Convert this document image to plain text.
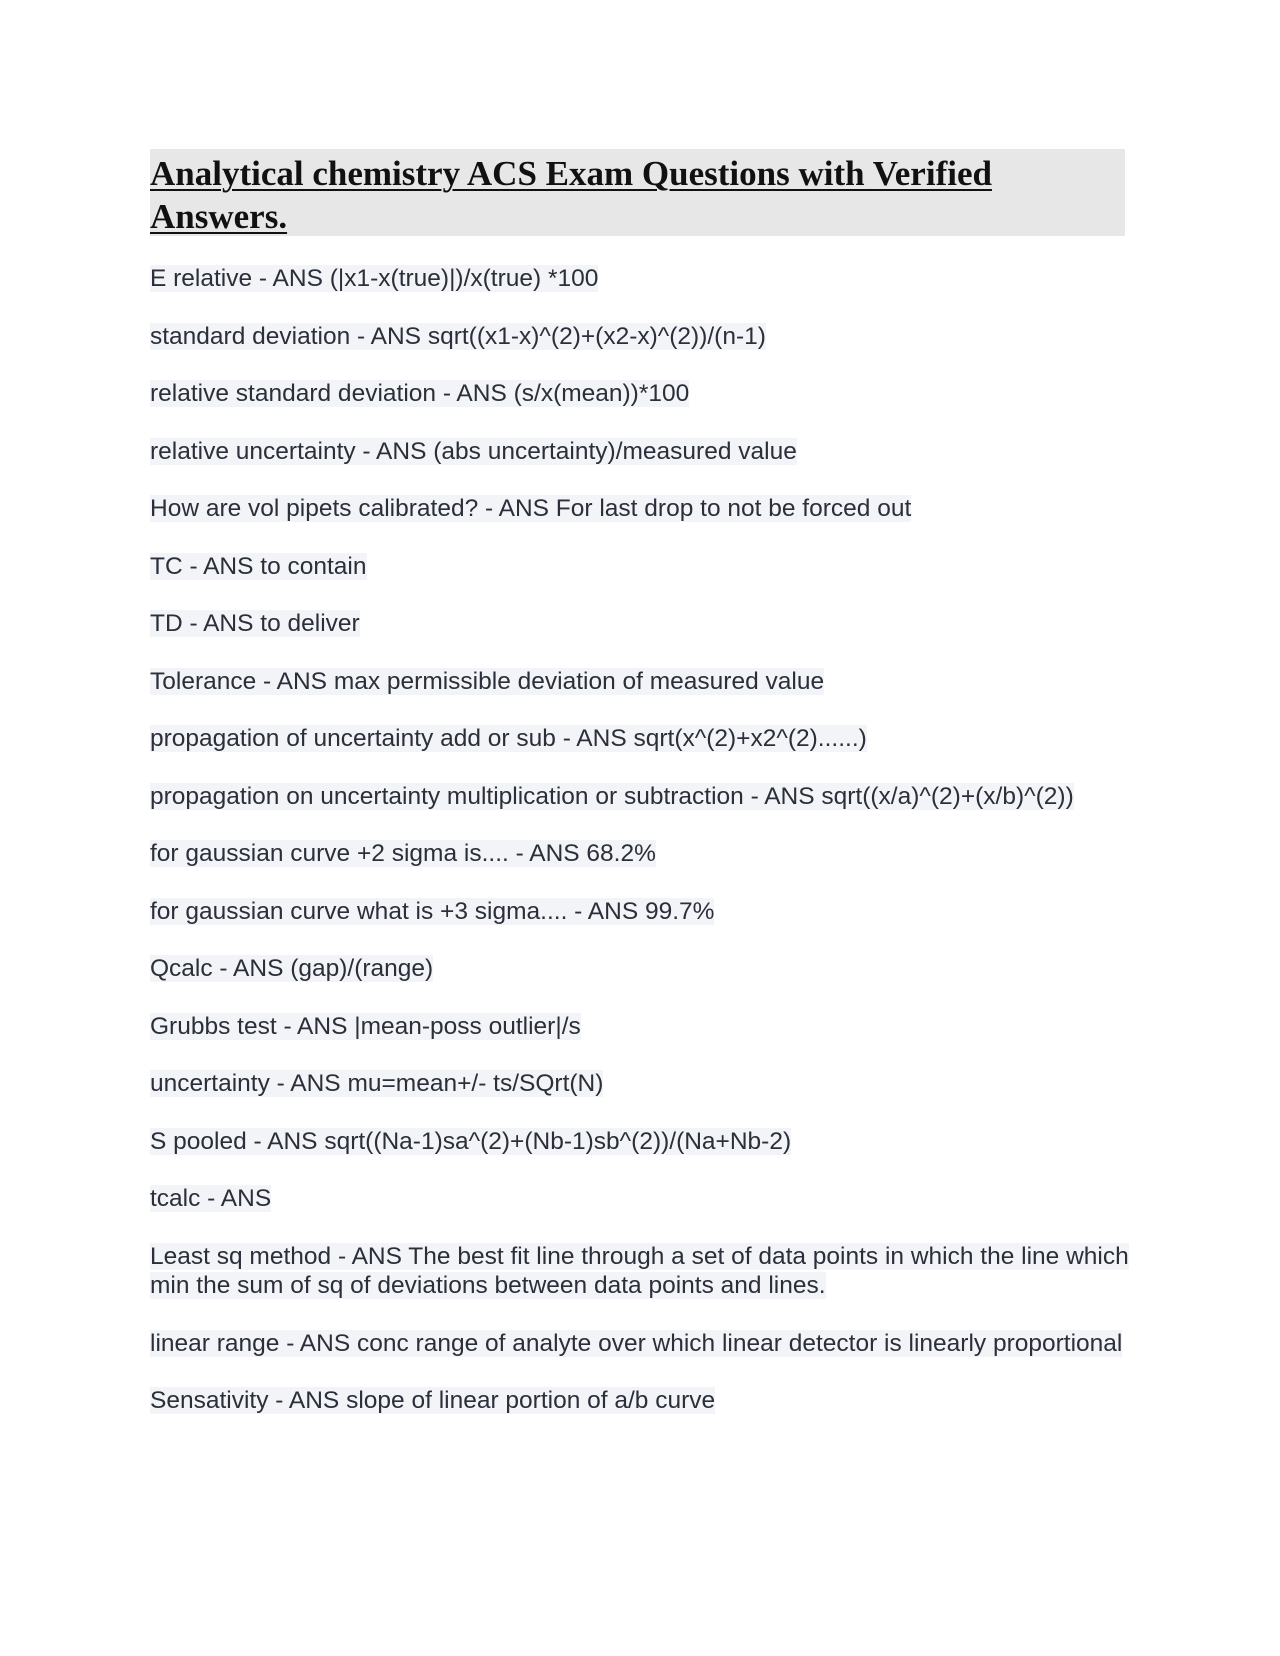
Analytical chemistry ACS Exam Questions with Verified Answers.

E relative - ANS (|x1-x(true)|)/x(true) *100

standard deviation - ANS sqrt((x1-x)^(2)+(x2-x)^(2))/(n-1)

relative standard deviation - ANS (s/x(mean))*100

relative uncertainty - ANS (abs uncertainty)/measured value

How are vol pipets calibrated? - ANS For last drop to not be forced out

TC - ANS to contain

TD - ANS to deliver

Tolerance - ANS max permissible deviation of measured value

propagation of uncertainty add or sub - ANS sqrt(x^(2)+x2^(2)......)

propagation on uncertainty multiplication or subtraction - ANS sqrt((x/a)^(2)+(x/b)^(2))

for gaussian curve +2 sigma is.... - ANS 68.2%

for gaussian curve what is +3 sigma.... - ANS 99.7%

Qcalc - ANS (gap)/(range)

Grubbs test - ANS |mean-poss outlier|/s

uncertainty - ANS mu=mean+/- ts/SQrt(N)

S pooled - ANS sqrt((Na-1)sa^(2)+(Nb-1)sb^(2))/(Na+Nb-2)

tcalc - ANS

Least sq method - ANS The best fit line through a set of data points in which the line which min the sum of sq of deviations between data points and lines.

linear range - ANS conc range of analyte over which linear detector is linearly proportional

Sensativity - ANS slope of linear portion of a/b curve
